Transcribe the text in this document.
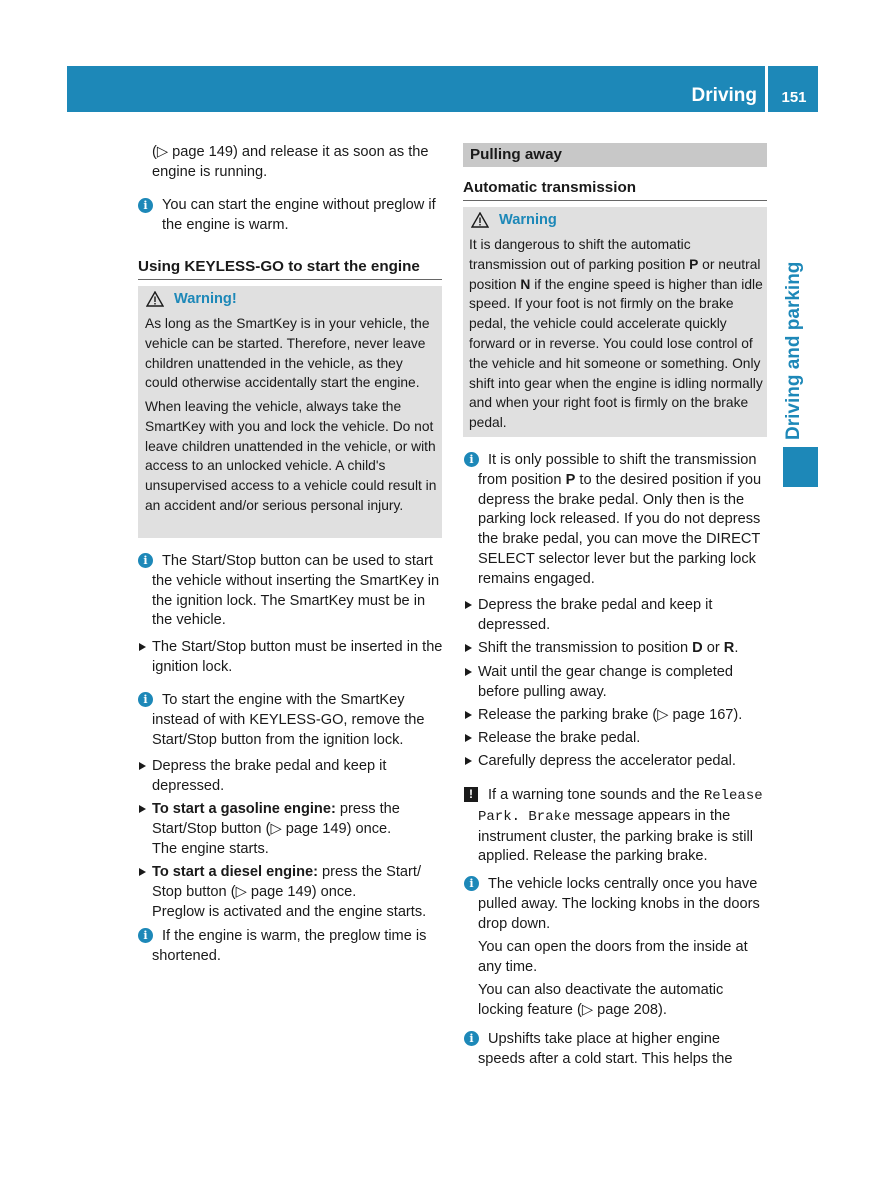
Driving	151
Driving and parking

(▷ page 149) and release it as soon as the engine is running.

i You can start the engine without preglow if the engine is warm.

Using KEYLESS-GO to start the engine
Warning!

As long as the SmartKey is in your vehicle, the vehicle can be started. Therefore, never leave children unattended in the vehicle, as they could otherwise accidentally start the engine.

When leaving the vehicle, always take the SmartKey with you and lock the vehicle. Do not leave children unattended in the vehicle, or with access to an unlocked vehicle. A child's unsupervised access to a vehicle could result in an accident and/or serious personal injury.

i The Start/Stop button can be used to start the vehicle without inserting the SmartKey in the ignition lock. The SmartKey must be in the vehicle.

The Start/Stop button must be inserted in the ignition lock.

i To start the engine with the SmartKey instead of with KEYLESS-GO, remove the Start/Stop button from the ignition lock.

Depress the brake pedal and keep it depressed.

To start a gasoline engine: press the Start/Stop button (▷ page 149) once.
The engine starts.

To start a diesel engine: press the Start/ Stop button (▷ page 149) once.
Preglow is activated and the engine starts.

i If the engine is warm, the preglow time is shortened.

Pulling away
Automatic transmission
Warning

It is dangerous to shift the automatic transmission out of parking position P or neutral position N if the engine speed is higher than idle speed. If your foot is not firmly on the brake pedal, the vehicle could accelerate quickly forward or in reverse. You could lose control of the vehicle and hit someone or something. Only shift into gear when the engine is idling normally and when your right foot is firmly on the brake pedal.

i It is only possible to shift the transmission from position P to the desired position if you depress the brake pedal. Only then is the parking lock released. If you do not depress the brake pedal, you can move the DIRECT SELECT selector lever but the parking lock remains engaged.

Depress the brake pedal and keep it depressed.

Shift the transmission to position D or R.

Wait until the gear change is completed before pulling away.

Release the parking brake (▷ page 167).

Release the brake pedal.

Carefully depress the accelerator pedal.

!	If a warning tone sounds and the Release Park. Brake message appears in the instrument cluster, the parking brake is still applied. Release the parking brake.

i The vehicle locks centrally once you have pulled away. The locking knobs in the doors drop down.

You can open the doors from the inside at any time.

You can also deactivate the automatic locking feature (▷ page 208).

i Upshifts take place at higher engine speeds after a cold start. This helps the
